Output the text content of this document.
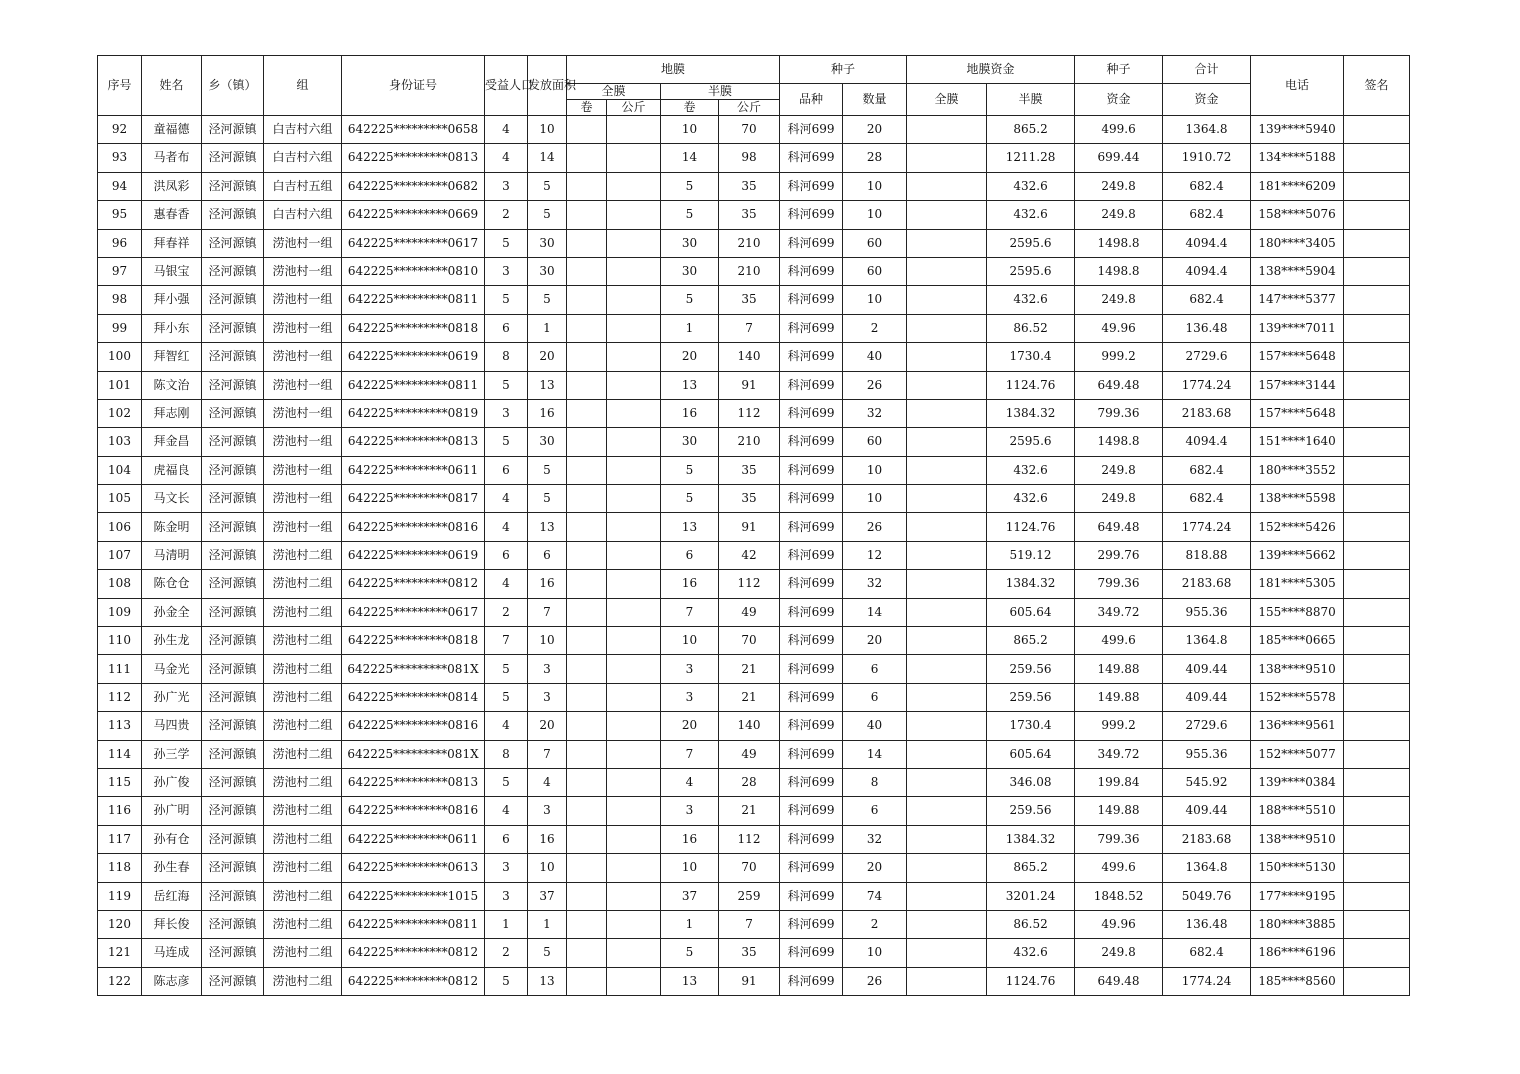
序号	姓名	乡（镇）	组	身份证号	受益人口	发放面积	地膜				种子		地膜资金		种子	合计	电话	签名
							全膜		半膜		品种	数量	全膜	半膜	资金	资金		
							卷	公斤	卷	公斤								
92	童福德	泾河源镇	白吉村六组	642225*********0658	4	10			10	70	科河699	20		865.2	499.6	1364.8	139****5940	
93	马者布	泾河源镇	白吉村六组	642225*********0813	4	14			14	98	科河699	28		1211.28	699.44	1910.72	134****5188	
94	洪凤彩	泾河源镇	白吉村五组	642225*********0682	3	5			5	35	科河699	10		432.6	249.8	682.4	181****6209	
95	惠春香	泾河源镇	白吉村六组	642225*********0669	2	5			5	35	科河699	10		432.6	249.8	682.4	158****5076	
96	拜春祥	泾河源镇	涝池村一组	642225*********0617	5	30			30	210	科河699	60		2595.6	1498.8	4094.4	180****3405	
97	马银宝	泾河源镇	涝池村一组	642225*********0810	3	30			30	210	科河699	60		2595.6	1498.8	4094.4	138****5904	
98	拜小强	泾河源镇	涝池村一组	642225*********0811	5	5			5	35	科河699	10		432.6	249.8	682.4	147****5377	
99	拜小东	泾河源镇	涝池村一组	642225*********0818	6	1			1	7	科河699	2		86.52	49.96	136.48	139****7011	
100	拜智红	泾河源镇	涝池村一组	642225*********0619	8	20			20	140	科河699	40		1730.4	999.2	2729.6	157****5648	
101	陈文治	泾河源镇	涝池村一组	642225*********0811	5	13			13	91	科河699	26		1124.76	649.48	1774.24	157****3144	
102	拜志刚	泾河源镇	涝池村一组	642225*********0819	3	16			16	112	科河699	32		1384.32	799.36	2183.68	157****5648	
103	拜金昌	泾河源镇	涝池村一组	642225*********0813	5	30			30	210	科河699	60		2595.6	1498.8	4094.4	151****1640	
104	虎福良	泾河源镇	涝池村一组	642225*********0611	6	5			5	35	科河699	10		432.6	249.8	682.4	180****3552	
105	马文长	泾河源镇	涝池村一组	642225*********0817	4	5			5	35	科河699	10		432.6	249.8	682.4	138****5598	
106	陈金明	泾河源镇	涝池村一组	642225*********0816	4	13			13	91	科河699	26		1124.76	649.48	1774.24	152****5426	
107	马清明	泾河源镇	涝池村二组	642225*********0619	6	6			6	42	科河699	12		519.12	299.76	818.88	139****5662	
108	陈仓仓	泾河源镇	涝池村二组	642225*********0812	4	16			16	112	科河699	32		1384.32	799.36	2183.68	181****5305	
109	孙金全	泾河源镇	涝池村二组	642225*********0617	2	7			7	49	科河699	14		605.64	349.72	955.36	155****8870	
110	孙生龙	泾河源镇	涝池村二组	642225*********0818	7	10			10	70	科河699	20		865.2	499.6	1364.8	185****0665	
111	马金光	泾河源镇	涝池村二组	642225*********081X	5	3			3	21	科河699	6		259.56	149.88	409.44	138****9510	
112	孙广光	泾河源镇	涝池村二组	642225*********0814	5	3			3	21	科河699	6		259.56	149.88	409.44	152****5578	
113	马四贵	泾河源镇	涝池村二组	642225*********0816	4	20			20	140	科河699	40		1730.4	999.2	2729.6	136****9561	
114	孙三学	泾河源镇	涝池村二组	642225*********081X	8	7			7	49	科河699	14		605.64	349.72	955.36	152****5077	
115	孙广俊	泾河源镇	涝池村二组	642225*********0813	5	4			4	28	科河699	8		346.08	199.84	545.92	139****0384	
116	孙广明	泾河源镇	涝池村二组	642225*********0816	4	3			3	21	科河699	6		259.56	149.88	409.44	188****5510	
117	孙有仓	泾河源镇	涝池村二组	642225*********0611	6	16			16	112	科河699	32		1384.32	799.36	2183.68	138****9510	
118	孙生春	泾河源镇	涝池村二组	642225*********0613	3	10			10	70	科河699	20		865.2	499.6	1364.8	150****5130	
119	岳红海	泾河源镇	涝池村二组	642225*********1015	3	37			37	259	科河699	74		3201.24	1848.52	5049.76	177****9195	
120	拜长俊	泾河源镇	涝池村二组	642225*********0811	1	1			1	7	科河699	2		86.52	49.96	136.48	180****3885	
121	马连成	泾河源镇	涝池村二组	642225*********0812	2	5			5	35	科河699	10		432.6	249.8	682.4	186****6196	
122	陈志彦	泾河源镇	涝池村二组	642225*********0812	5	13			13	91	科河699	26		1124.76	649.48	1774.24	185****8560	
